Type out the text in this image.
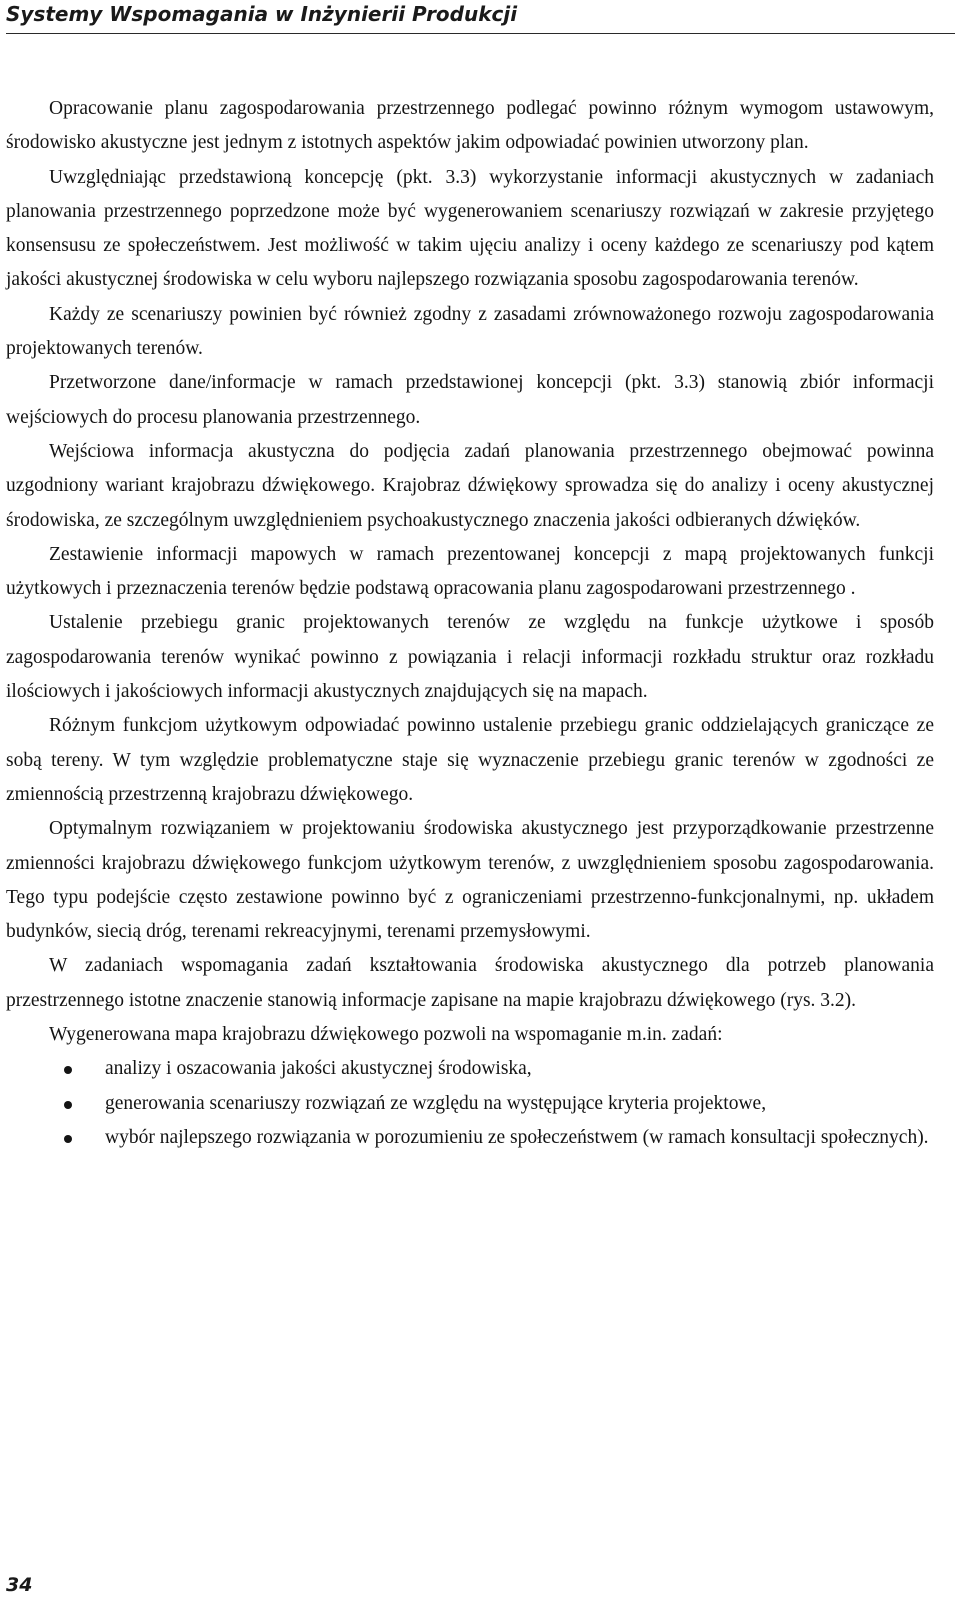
Systemy Wspomagania w Inżynierii Produkcji

Opracowanie planu zagospodarowania przestrzennego podlegać powinno różnym wymogom ustawowym, środowisko akustyczne jest jednym z istotnych aspektów jakim odpowiadać powinien utworzony plan.

Uwzględniając przedstawioną koncepcję (pkt. 3.3) wykorzystanie informacji akustycznych w zadaniach planowania przestrzennego poprzedzone może być wygenerowaniem scenariuszy rozwiązań w zakresie przyjętego konsensusu ze społeczeństwem. Jest możliwość w takim ujęciu analizy i oceny każdego ze scenariuszy pod kątem jakości akustycznej środowiska w celu wyboru najlepszego rozwiązania sposobu zagospodarowania terenów.

Każdy ze scenariuszy powinien być również zgodny z zasadami zrównoważonego rozwoju zagospodarowania projektowanych terenów.

Przetworzone dane/informacje w ramach przedstawionej koncepcji (pkt. 3.3) stanowią zbiór informacji wejściowych do procesu planowania przestrzennego.

Wejściowa informacja akustyczna do podjęcia zadań planowania przestrzennego obejmować powinna uzgodniony wariant krajobrazu dźwiękowego. Krajobraz dźwiękowy sprowadza się do analizy i oceny akustycznej środowiska, ze szczególnym uwzględnieniem psychoakustycznego znaczenia jakości odbieranych dźwięków.

Zestawienie informacji mapowych w ramach prezentowanej koncepcji z mapą projektowanych funkcji użytkowych i przeznaczenia terenów będzie podstawą opracowania planu zagospodarowani przestrzennego .

Ustalenie przebiegu granic projektowanych terenów ze względu na funkcje użytkowe i sposób zagospodarowania terenów wynikać powinno z powiązania i relacji informacji rozkładu struktur oraz rozkładu ilościowych i jakościowych informacji akustycznych znajdujących się na mapach.

Różnym funkcjom użytkowym odpowiadać powinno ustalenie przebiegu granic oddzielających graniczące ze sobą tereny. W tym względzie problematyczne staje się wyznaczenie przebiegu granic terenów w zgodności ze zmiennością przestrzenną krajobrazu dźwiękowego.

Optymalnym rozwiązaniem w projektowaniu środowiska akustycznego jest przyporządkowanie przestrzenne zmienności krajobrazu dźwiękowego funkcjom użytkowym terenów, z uwzględnieniem sposobu zagospodarowania. Tego typu podejście często zestawione powinno być z ograniczeniami przestrzenno-funkcjonalnymi, np. układem budynków, siecią dróg, terenami rekreacyjnymi, terenami przemysłowymi.

W zadaniach wspomagania zadań kształtowania środowiska akustycznego dla potrzeb planowania przestrzennego istotne znaczenie stanowią informacje zapisane na mapie krajobrazu dźwiękowego (rys. 3.2).

Wygenerowana mapa krajobrazu dźwiękowego pozwoli na wspomaganie m.in. zadań:

analizy i oszacowania jakości akustycznej środowiska,
generowania scenariuszy rozwiązań ze względu na występujące kryteria projektowe,
wybór najlepszego rozwiązania w porozumieniu ze społeczeństwem (w ramach konsultacji społecznych).
34
